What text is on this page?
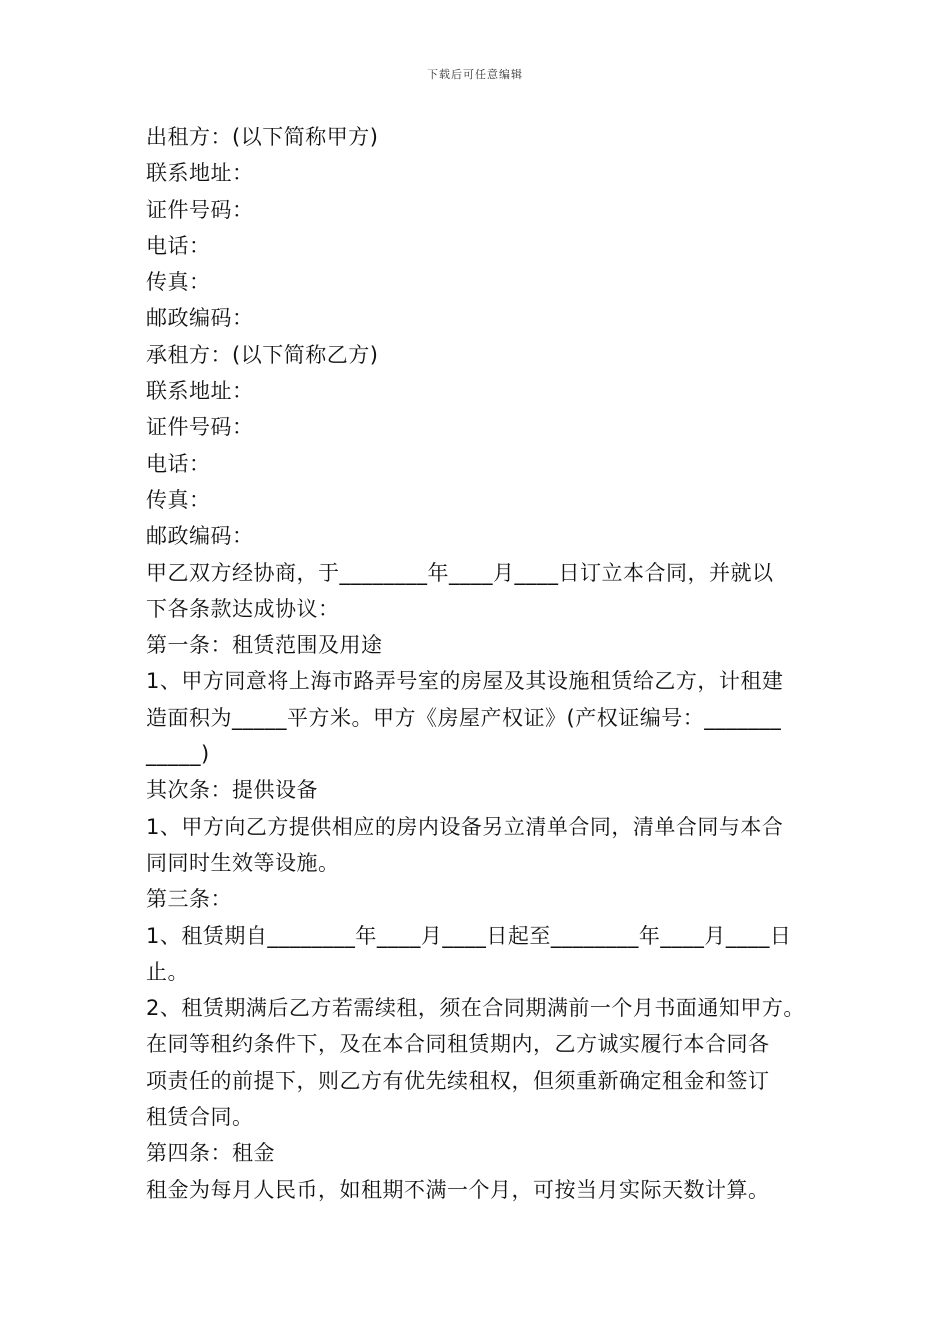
下载后可任意编辑
出租方：(以下简称甲方)
联系地址：
证件号码：
电话：
传真：
邮政编码：
承租方：(以下简称乙方)
联系地址：
证件号码：
电话：
传真：
邮政编码：
甲乙双方经协商，于________年____月____日订立本合同，并就以
下各条款达成协议：
第一条：租赁范围及用途
1、甲方同意将上海市路弄号室的房屋及其设施租赁给乙方，计租建
造面积为_____平方米。甲方《房屋产权证》(产权证编号：_______
_____)
其次条：提供设备
1、甲方向乙方提供相应的房内设备另立清单合同，清单合同与本合
同同时生效等设施。
第三条：
1、租赁期自________年____月____日起至________年____月____日
止。
2、租赁期满后乙方若需续租，须在合同期满前一个月书面通知甲方。
在同等租约条件下，及在本合同租赁期内，乙方诚实履行本合同各
项责任的前提下，则乙方有优先续租权，但须重新确定租金和签订
租赁合同。
第四条：租金
租金为每月人民币，如租期不满一个月，可按当月实际天数计算。
